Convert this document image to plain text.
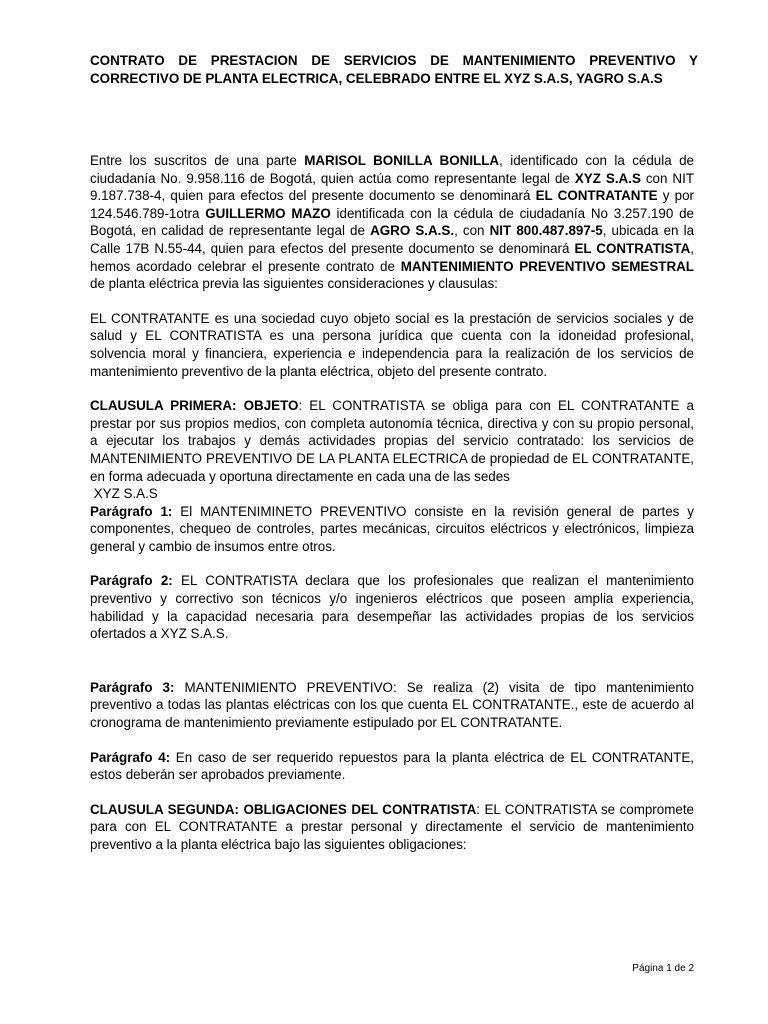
CONTRATO DE PRESTACION DE SERVICIOS DE MANTENIMIENTO PREVENTIVO Y CORRECTIVO DE PLANTA ELECTRICA, CELEBRADO ENTRE EL XYZ S.A.S, YAGRO S.A.S

Entre los suscritos de una parte MARISOL BONILLA BONILLA, identificado con la cédula de ciudadanía No. 9.958.116 de Bogotá, quien actúa como representante legal de XYZ S.A.S con NIT 9.187.738-4, quien para efectos del presente documento se denominará EL CONTRATANTE y por 124.546.789-1otra GUILLERMO MAZO identificada con la cédula de ciudadanía No 3.257.190 de Bogotá, en calidad de representante legal de AGRO S.A.S., con NIT 800.487.897-5, ubicada en la Calle 17B N.55-44, quien para efectos del presente documento se denominará EL CONTRATISTA, hemos acordado celebrar el presente contrato de MANTENIMIENTO PREVENTIVO SEMESTRAL de planta eléctrica previa las siguientes consideraciones y clausulas:

EL CONTRATANTE es una sociedad cuyo objeto social es la prestación de servicios sociales y de salud y EL CONTRATISTA es una persona jurídica que cuenta con la idoneidad profesional, solvencia moral y financiera, experiencia e independencia para la realización de los servicios de mantenimiento preventivo de la planta eléctrica, objeto del presente contrato.

CLAUSULA PRIMERA: OBJETO: EL CONTRATISTA se obliga para con EL CONTRATANTE a prestar por sus propios medios, con completa autonomía técnica, directiva y con su propio personal, a ejecutar los trabajos y demás actividades propias del servicio contratado: los servicios de MANTENIMIENTO PREVENTIVO DE LA PLANTA ELECTRICA de propiedad de EL CONTRATANTE, en forma adecuada y oportuna directamente en cada una de las sedes

XYZ S.A.S

Parágrafo 1: El MANTENIMINETO PREVENTIVO consiste en la revisión general de partes y componentes, chequeo de controles, partes mecánicas, circuitos eléctricos y electrónicos, limpieza general y cambio de insumos entre otros.

Parágrafo 2: EL CONTRATISTA declara que los profesionales que realizan el mantenimiento preventivo y correctivo son técnicos y/o ingenieros eléctricos que poseen amplia experiencia, habilidad y la capacidad necesaria para desempeñar las actividades propias de los servicios ofertados a XYZ S.A.S.

Parágrafo 3: MANTENIMIENTO PREVENTIVO: Se realiza (2) visita de tipo mantenimiento preventivo a todas las plantas eléctricas con los que cuenta EL CONTRATANTE., este de acuerdo al cronograma de mantenimiento previamente estipulado por EL CONTRATANTE.

Parágrafo 4: En caso de ser requerido repuestos para la planta eléctrica de EL CONTRATANTE, estos deberán ser aprobados previamente.

CLAUSULA SEGUNDA: OBLIGACIONES DEL CONTRATISTA: EL CONTRATISTA se compromete para con EL CONTRATANTE a prestar personal y directamente el servicio de mantenimiento preventivo a la planta eléctrica bajo las siguientes obligaciones:

Página 1 de 2
